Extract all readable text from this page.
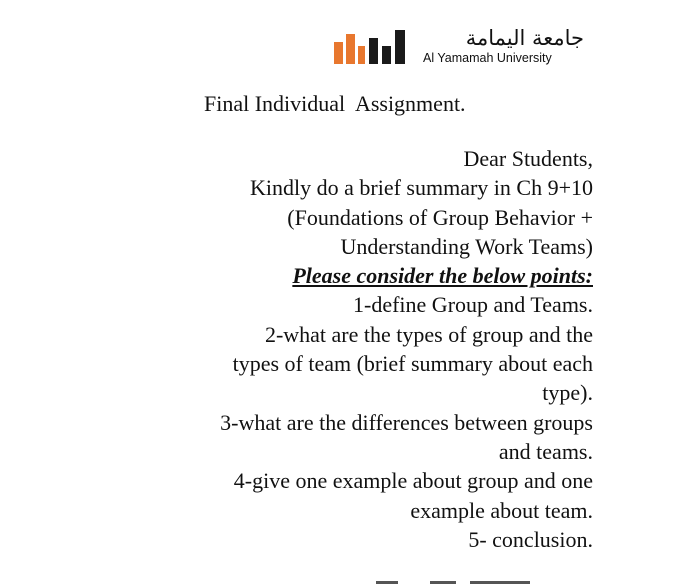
جامعة اليمامة
Al Yamamah University
Final Individual  Assignment.
Dear Students,
Kindly do a brief summary in Ch 9+10
(Foundations of Group Behavior +
Understanding Work Teams)
Please consider the below points:
1-define Group and Teams.
2-what are the types of group and the
types of team (brief summary about each
type).
3-what are the differences between groups
and teams.
4-give one example about group and one
example about team.
5- conclusion.
